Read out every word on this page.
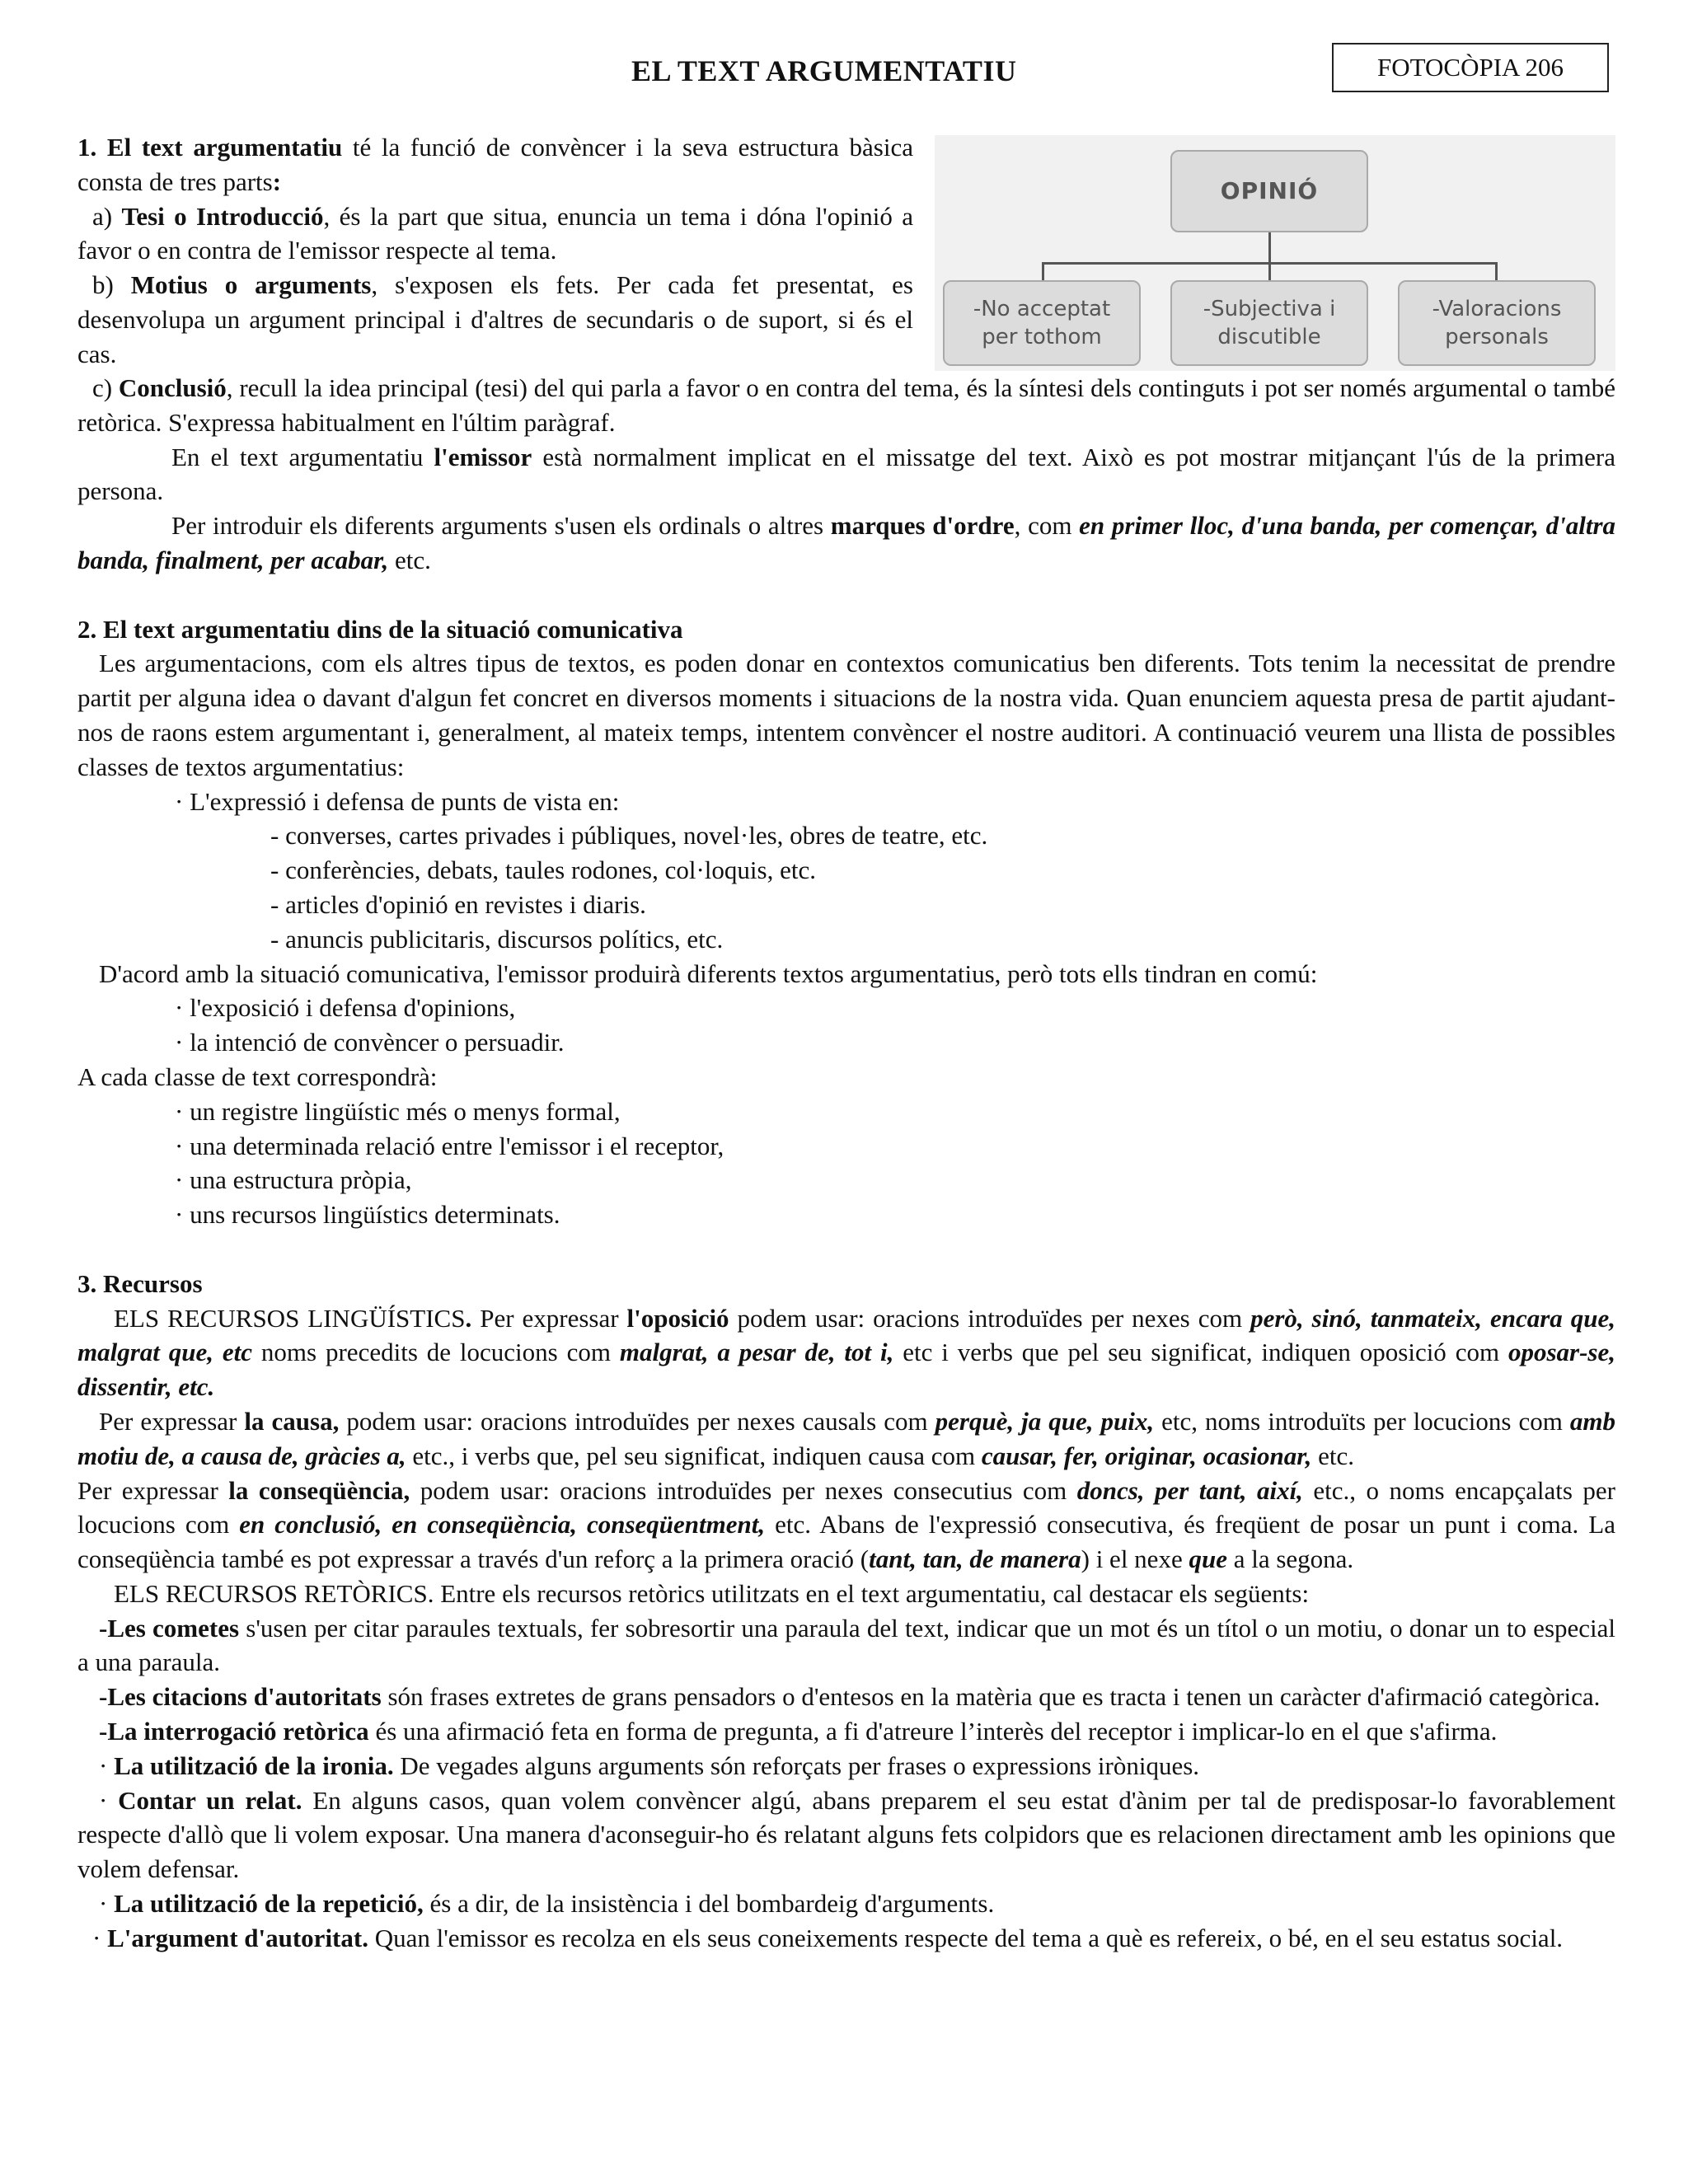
EL TEXT ARGUMENTATIU	FOTOCÒPIA 206
OPINIÓ
-No acceptat
per tothom
-Subjectiva i
discutible
-Valoracions
personals

1. El text argumentatiu té la funció de convèncer i la seva estructura bàsica consta de tres parts:

a) Tesi o Introducció, és la part que situa, enuncia un tema i dóna l'opinió a favor o en contra de l'emissor respecte al tema.

b) Motius o arguments, s'exposen els fets. Per cada fet presentat, es desenvolupa un argument principal i d'altres de secundaris o de suport, si és el cas.

c) Conclusió, recull la idea principal (tesi) del qui parla a favor o en contra del tema, és la síntesi dels continguts i pot ser només argumental o també retòrica. S'expressa habitualment en l'últim paràgraf.

En el text argumentatiu l'emissor està normalment implicat en el missatge del text. Això es pot mostrar mitjançant l'ús de la primera persona.

Per introduir els diferents arguments s'usen els ordinals o altres marques d'ordre, com en primer lloc, d'una banda, per començar, d'altra banda, finalment, per acabar, etc.

2. El text argumentatiu dins de la situació comunicativa

Les argumentacions, com els altres tipus de textos, es poden donar en contextos comunicatius ben diferents. Tots tenim la necessitat de prendre partit per alguna idea o davant d'algun fet concret en diversos moments i situacions de la nostra vida. Quan enunciem aquesta presa de partit ajudant-nos de raons estem argumentant i, generalment, al mateix temps, intentem convèncer el nostre auditori. A continuació veurem una llista de possibles classes de textos argumentatius:

· L'expressió i defensa de punts de vista en:

- converses, cartes privades i públiques, novel·les, obres de teatre, etc.

- conferències, debats, taules rodones, col·loquis, etc.

- articles d'opinió en revistes i diaris.

- anuncis publicitaris, discursos polítics, etc.

D'acord amb la situació comunicativa, l'emissor produirà diferents textos argumentatius, però tots ells tindran en comú:

· l'exposició i defensa d'opinions,

· la intenció de convèncer o persuadir.

A cada classe de text correspondrà:

· un registre lingüístic més o menys formal,

· una determinada relació entre l'emissor i el receptor,

· una estructura pròpia,

· uns recursos lingüístics determinats.

3. Recursos

ELS RECURSOS LINGÜÍSTICS. Per expressar l'oposició podem usar: oracions introduïdes per nexes com però, sinó, tanmateix, encara que, malgrat que, etc noms precedits de locucions com malgrat, a pesar de, tot i, etc i verbs que pel seu significat, indiquen oposició com oposar-se, dissentir, etc.

Per expressar la causa, podem usar: oracions introduïdes per nexes causals com perquè, ja que, puix, etc, noms introduïts per locucions com amb motiu de, a causa de, gràcies a, etc., i verbs que, pel seu significat, indiquen causa com causar, fer, originar, ocasionar, etc.

Per expressar la conseqüència, podem usar: oracions introduïdes per nexes consecutius com doncs, per tant, així, etc., o noms encapçalats per locucions com en conclusió, en conseqüència, conseqüentment, etc. Abans de l'expressió consecutiva, és freqüent de posar un punt i coma. La conseqüència també es pot expressar a través d'un reforç a la primera oració (tant, tan, de manera) i el nexe que a la segona.

ELS RECURSOS RETÒRICS. Entre els recursos retòrics utilitzats en el text argumentatiu, cal destacar els següents:

-Les cometes s'usen per citar paraules textuals, fer sobresortir una paraula del text, indicar que un mot és un títol o un motiu, o donar un to especial a una paraula.

-Les citacions d'autoritats són frases extretes de grans pensadors o d'entesos en la matèria que es tracta i tenen un caràcter d'afirmació categòrica.

-La interrogació retòrica és una afirmació feta en forma de pregunta, a fi d'atreure l’interès del receptor i implicar-lo en el que s'afirma.

· La utilització de la ironia. De vegades alguns arguments són reforçats per frases o expressions iròniques.

· Contar un relat. En alguns casos, quan volem convèncer algú, abans preparem el seu estat d'ànim per tal de predisposar-lo favorablement respecte d'allò que li volem exposar. Una manera d'aconseguir-ho és relatant alguns fets colpidors que es relacionen directament amb les opinions que volem defensar.

· La utilització de la repetició, és a dir, de la insistència i del bombardeig d'arguments.

· L'argument d'autoritat. Quan l'emissor es recolza en els seus coneixements respecte del tema a què es refereix, o bé, en el seu estatus social.
